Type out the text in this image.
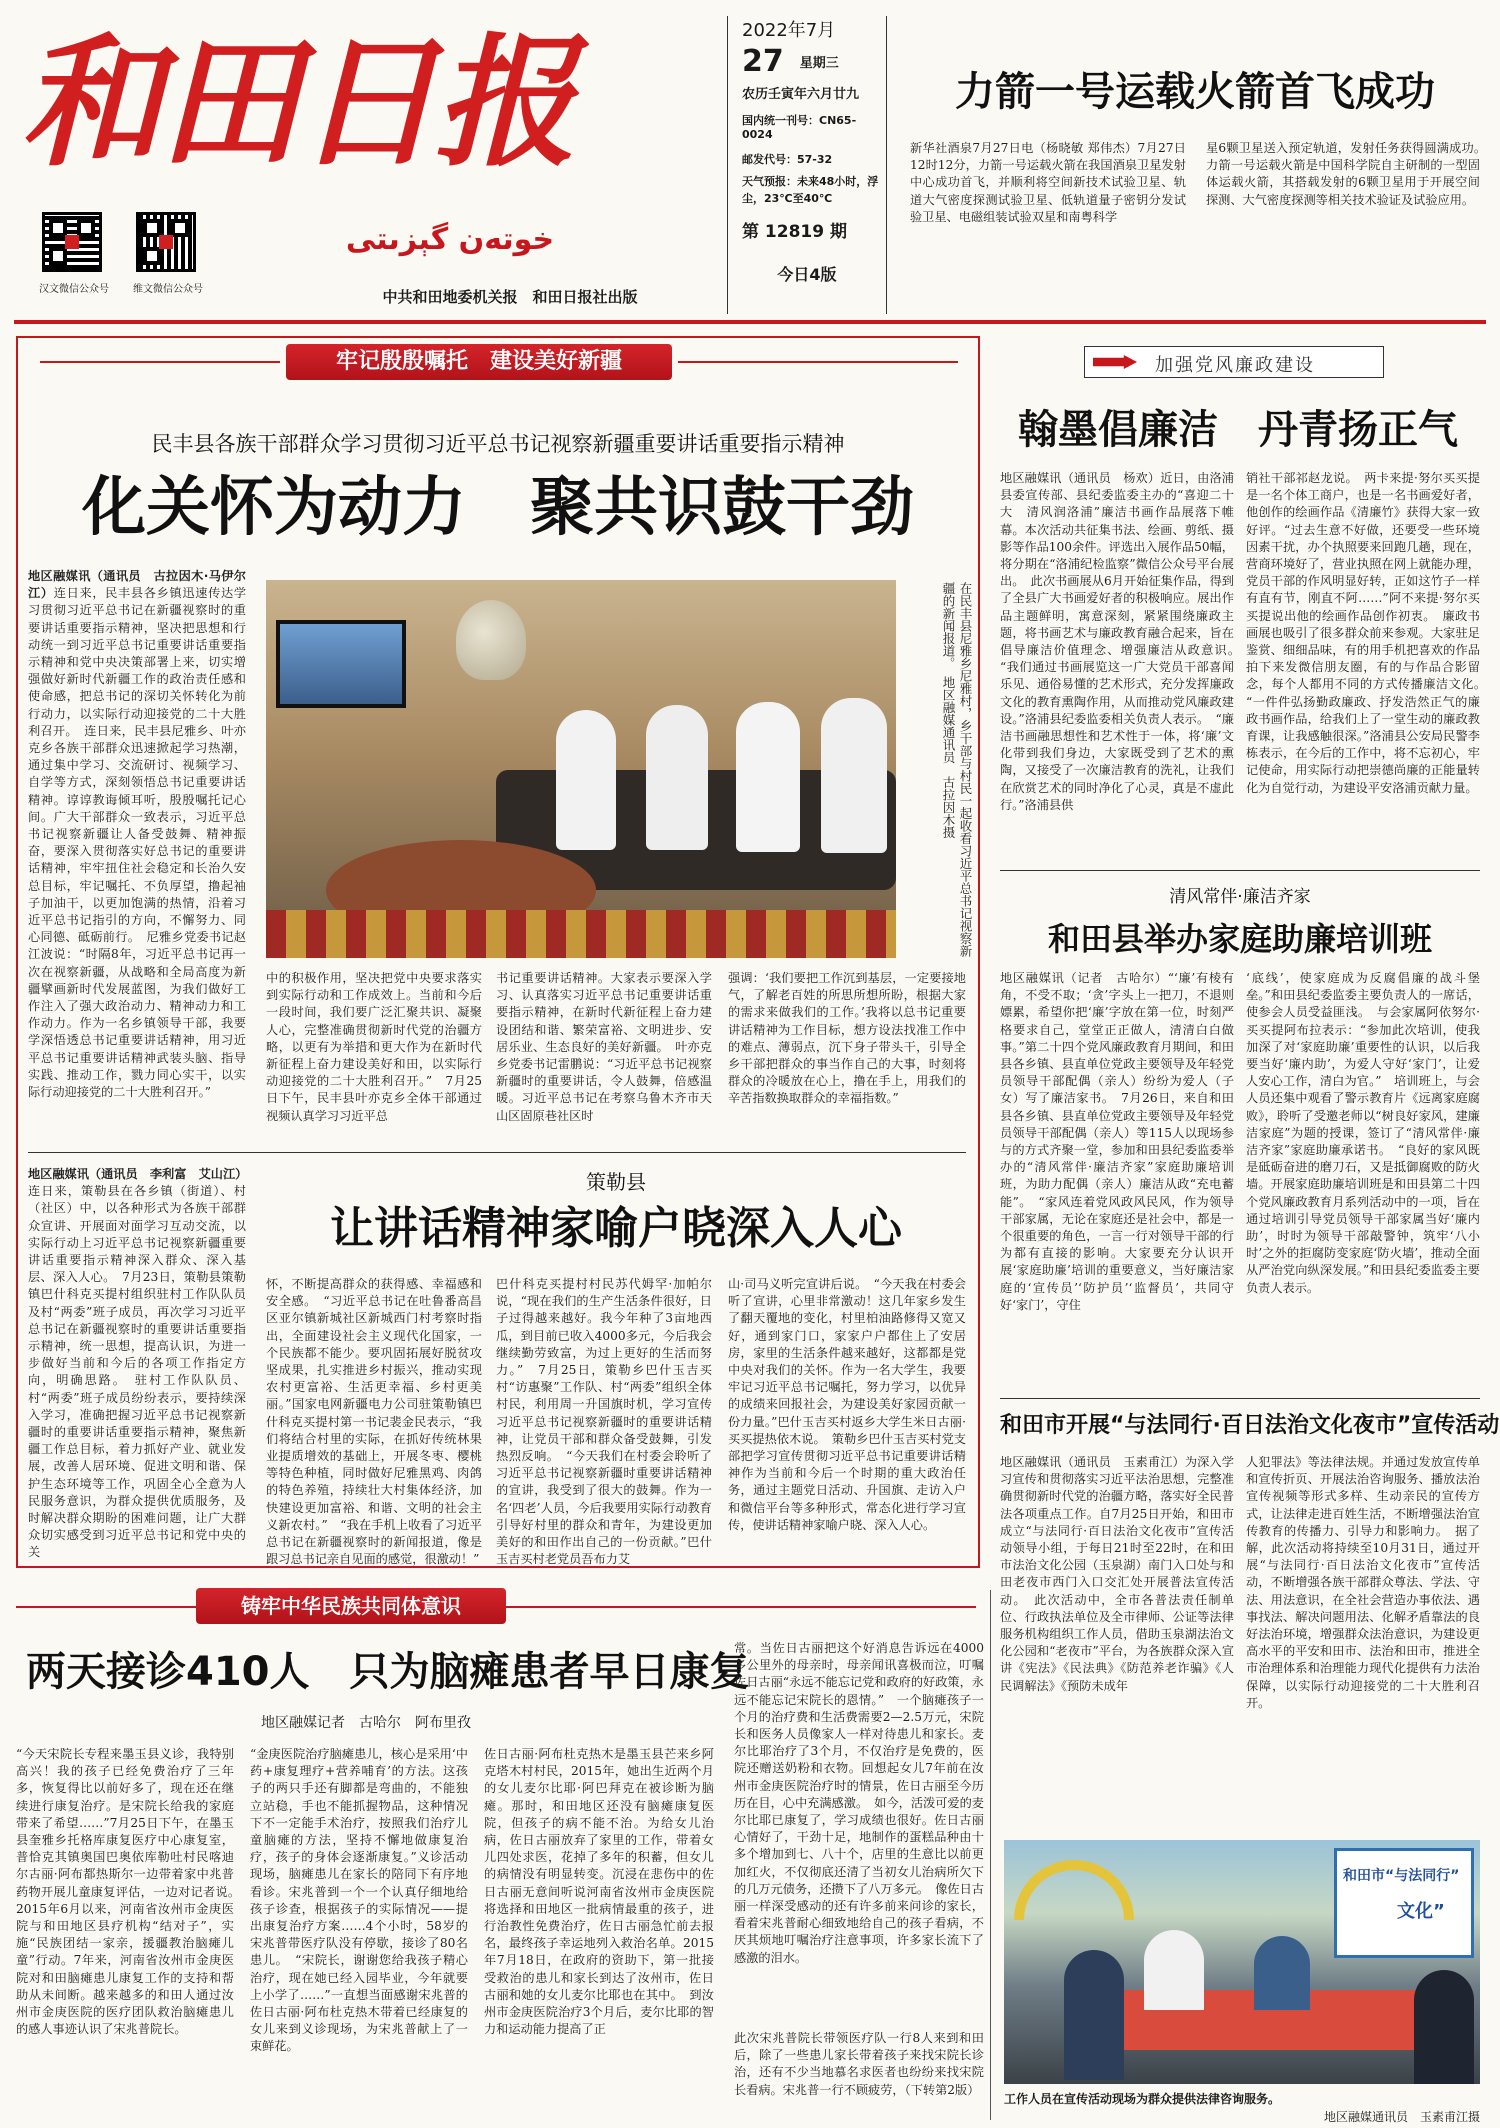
和田日报
汉文微信公众号	维文微信公众号
خوتەن گېزىتى
中共和田地委机关报　和田日报社出版
2022年7月
27 星期三
农历壬寅年六月廿九
国内统一刊号：CN65-0024
邮发代号：57-32
天气预报：未来48小时，浮尘，23℃至40℃
第 12819 期
今日4版
力箭一号运载火箭首飞成功
新华社酒泉7月27日电（杨晓敏 郑伟杰）7月27日12时12分，力箭一号运载火箭在我国酒泉卫星发射中心成功首飞，并顺利将空间新技术试验卫星、轨道大气密度探测试验卫星、低轨道量子密钥分发试验卫星、电磁组装试验双星和南粤科学
星6颗卫星送入预定轨道，发射任务获得圆满成功。　力箭一号运载火箭是中国科学院自主研制的一型固体运载火箭，其搭载发射的6颗卫星用于开展空间探测、大气密度探测等相关技术验证及试验应用。
牢记殷殷嘱托　建设美好新疆
民丰县各族干部群众学习贯彻习近平总书记视察新疆重要讲话重要指示精神
化关怀为动力　聚共识鼓干劲
地区融媒讯（通讯员　古拉因木·马伊尔江）连日来，民丰县各乡镇迅速传达学习贯彻习近平总书记在新疆视察时的重要讲话重要指示精神，坚决把思想和行动统一到习近平总书记重要讲话重要指示精神和党中央决策部署上来，切实增强做好新时代新疆工作的政治责任感和使命感，把总书记的深切关怀转化为前行动力，以实际行动迎接党的二十大胜利召开。　连日来，民丰县尼雅乡、叶亦克乡各族干部群众迅速掀起学习热潮，通过集中学习、交流研讨、视频学习、自学等方式，深刻领悟总书记重要讲话精神。谆谆教诲倾耳听，殷殷嘱托记心间。广大干部群众一致表示，习近平总书记视察新疆让人备受鼓舞、精神振奋，要深入贯彻落实好总书记的重要讲话精神，牢牢扭住社会稳定和长治久安总目标，牢记嘱托、不负厚望，撸起袖子加油干，以更加饱满的热情，沿着习近平总书记指引的方向，不懈努力、同心同德、砥砺前行。　尼雅乡党委书记赵江波说：“时隔8年，习近平总书记再一次在视察新疆，从战略和全局高度为新疆擘画新时代发展蓝图，为我们做好工作注入了强大政治动力、精神动力和工作动力。作为一名乡镇领导干部，我要学深悟透总书记重要讲话精神，用习近平总书记重要讲话精神武装头脑、指导实践、推动工作，戮力同心实干，以实际行动迎接党的二十大胜利召开。”
在民丰县尼雅乡尼雅村，乡干部与村民一起收看习近平总书记视察新疆的新闻报道。　地区融媒通讯员　古拉因木摄
中的积极作用，坚决把党中央要求落实到实际行动和工作成效上。当前和今后一段时间，我们要广泛汇聚共识、凝聚人心，完整准确贯彻新时代党的治疆方略，以更有为举措和更大作为在新时代新征程上奋力建设美好和田，以实际行动迎接党的二十大胜利召开。”　7月25日下午，民丰县叶亦克乡全体干部通过视频认真学习习近平总
书记重要讲话精神。大家表示要深入学习、认真落实习近平总书记重要讲话重要指示精神，在新时代新征程上奋力建设团结和谐、繁荣富裕、文明进步、安居乐业、生态良好的美好新疆。　叶亦克乡党委书记雷鹏说：“习近平总书记视察新疆时的重要讲话，令人鼓舞，倍感温暖。习近平总书记在考察乌鲁木齐市天山区固原巷社区时
强调：‘我们要把工作沉到基层，一定要接地气，了解老百姓的所思所想所盼，根据大家的需求来做我们的工作。’我将以总书记重要讲话精神为工作目标，想方设法找准工作中的难点、薄弱点，沉下身子带头干，引导全乡干部把群众的事当作自己的大事，时刻将群众的冷暖放在心上，撸在手上，用我们的辛苦指数换取群众的幸福指数。”
策勒县
让讲话精神家喻户晓深入人心
地区融媒讯（通讯员　李利富　艾山江）连日来，策勒县在各乡镇（街道）、村（社区）中，以各种形式为各族干部群众宣讲、开展面对面学习互动交流，以实际行动上习近平总书记视察新疆重要讲话重要指示精神深入群众、深入基层、深入人心。　7月23日，策勒县策勒镇巴什科克买提村组织驻村工作队队员及村“两委”班子成员，再次学习习近平总书记在新疆视察时的重要讲话重要指示精神，统一思想，提高认识，为进一步做好当前和今后的各项工作指定方向，明确思路。　驻村工作队队员、村“两委”班子成员纷纷表示，要持续深入学习，准确把握习近平总书记视察新疆时的重要讲话重要指示精神，聚焦新疆工作总目标，着力抓好产业、就业发展，改善人居环境、促进文明和谐、保护生态环境等工作，巩固全心全意为人民服务意识，为群众提供优质服务，及时解决群众期盼的困难问题，让广大群众切实感受到习近平总书记和党中央的关
怀，不断提高群众的获得感、幸福感和安全感。　“习近平总书记在吐鲁番高昌区亚尔镇新城社区新城西门村考察时指出，全面建设社会主义现代化国家，一个民族都不能少。要巩固拓展好脱贫攻坚成果，扎实推进乡村振兴，推动实现农村更富裕、生活更幸福、乡村更美丽。”国家电网新疆电力公司驻策勒镇巴什科克买提村第一书记裴金民表示，“我们将结合村里的实际，在抓好传统林果业提质增效的基础上，开展冬枣、樱桃等特色种植，同时做好尼雅黑鸡、肉鸽的特色养殖，持续壮大村集体经济，加快建设更加富裕、和谐、文明的社会主义新农村。”　“我在手机上收看了习近平总书记在新疆视察时的新闻报道，像是跟习总书记亲自见面的感觉，很激动！”
巴什科克买提村村民苏代姆罕·加帕尔说，“现在我们的生产生活条件很好，日子过得越来越好。我今年种了3亩地西瓜，到目前已收入4000多元，今后我会继续勤劳致富，为过上更好的生活而努力。”　7月25日，策勒乡巴什玉吉买村“访惠聚”工作队、村“两委”组织全体村民，利用周一升国旗时机，学习宣传习近平总书记视察新疆时的重要讲话精神，让党员干部和群众备受鼓舞，引发热烈反响。　“今天我们在村委会聆听了习近平总书记视察新疆时重要讲话精神的宣讲，我受到了很大的鼓舞。作为一名‘四老’人员，今后我要用实际行动教育引导好村里的群众和青年，为建设更加美好的和田作出自己的一份贡献。”巴什玉吉买村老党员吾布力艾
山·司马义听完宣讲后说。　“今天我在村委会听了宣讲，心里非常激动！这几年家乡发生了翻天覆地的变化，村里柏油路修得又宽又好，通到家门口，家家户户都住上了安居房，家里的生活条件越来越好，这都都是党中央对我们的关怀。作为一名大学生，我要牢记习近平总书记嘱托，努力学习，以优异的成绩来回报社会，为建设美好家园贡献一份力量。”巴什玉吉买村返乡大学生米日古丽·买买提热依木说。　策勒乡巴什玉吉买村党支部把学习宣传贯彻习近平总书记重要讲话精神作为当前和今后一个时期的重大政治任务，通过主题党日活动、升国旗、走访入户和微信平台等多种形式，常态化进行学习宣传，使讲话精神家喻户晓、深入人心。
加强党风廉政建设
翰墨倡廉洁　丹青扬正气
地区融媒讯（通讯员　杨欢）近日，由洛浦县委宣传部、县纪委监委主办的“喜迎二十大　清风润洛浦”廉洁书画作品展落下帷幕。本次活动共征集书法、绘画、剪纸、摄影等作品100余件。评选出入展作品50幅，将分期在“洛浦纪检监察”微信公众号平台展出。　此次书画展从6月开始征集作品，得到了全县广大书画爱好者的积极响应。展出作品主题鲜明，寓意深刻，紧紧围绕廉政主题，将书画艺术与廉政教育融合起来，旨在倡导廉洁价值理念、增强廉洁从政意识。　“我们通过书画展览这一广大党员干部喜闻乐见、通俗易懂的艺术形式，充分发挥廉政文化的教育熏陶作用，从而推动党风廉政建设。”洛浦县纪委监委相关负责人表示。　“廉洁书画融思想性和艺术性于一体，将‘廉’文化带到我们身边，大家既受到了艺术的熏陶，又接受了一次廉洁教育的洗礼，让我们在欣赏艺术的同时净化了心灵，真是不虚此行。”洛浦县供
销社干部祁赵龙说。　两卡来提·努尔买买提是一名个体工商户，也是一名书画爱好者，他创作的绘画作品《清廉竹》获得大家一致好评。“过去生意不好做，还要受一些环境因素干扰，办个执照要来回跑几趟，现在，营商环境好了，营业执照在网上就能办理，党员干部的作风明显好转，正如这竹子一样有直有节，刚直不阿……”阿不来提·努尔买买提说出他的绘画作品创作初衷。　廉政书画展也吸引了很多群众前来参观。大家驻足鉴赏、细细品味，有的用手机把喜欢的作品拍下来发微信朋友圈，有的与作品合影留念，每个人都用不同的方式传播廉洁文化。　“一件件弘扬勤政廉政、抒发浩然正气的廉政书画作品，给我们上了一堂生动的廉政教育课，让我感触很深。”洛浦县公安局民警李栋表示，在今后的工作中，将不忘初心，牢记使命，用实际行动把崇德尚廉的正能量转化为自觉行动，为建设平安洛浦贡献力量。
清风常伴·廉洁齐家
和田县举办家庭助廉培训班
地区融媒讯（记者　古哈尔）“‘廉’有棱有角，不受不取；‘贪’字头上一把刀，不退则嫖累，希望你把‘廉’字放在第一位，时刻严格要求自己，堂堂正正做人，清清白白做事。”第二十四个党风廉政教育月期间，和田县各乡镇、县直单位党政主要领导及年轻党员领导干部配偶（亲人）纷纷为爱人（子女）写了廉洁家书。　7月26日，来自和田县各乡镇、县直单位党政主要领导及年轻党员领导干部配偶（亲人）等115人以现场参与的方式齐聚一堂，参加和田县纪委监委举办的“清风常伴·廉洁齐家”家庭助廉培训班，为助力配偶（亲人）廉洁从政“充电蓄能”。　“家风连着党风政风民风，作为领导干部家属，无论在家庭还是社会中，都是一个很重要的角色，一言一行对领导干部的行为都有直接的影响。大家要充分认识开展‘家庭助廉’培训的重要意义，当好廉洁家庭的‘宣传员’‘防护员’‘监督员’，共同守好‘家门’，守住
‘底线’，使家庭成为反腐倡廉的战斗堡垒。”和田县纪委监委主要负责人的一席话，使参会人员受益匪浅。　与会家属阿依努尔·买买提阿布拉表示：“参加此次培训，使我加深了对‘家庭助廉’重要性的认识，以后我要当好‘廉内助’，为爱人守好‘家门’，让爱人安心工作，清白为官。”　培训班上，与会人员还集中观看了警示教育片《远离家庭腐败》，聆听了受邀老师以“树良好家风，建廉洁家庭”为题的授课，签订了“清风常伴·廉洁齐家”家庭助廉承诺书。　“良好的家风既是砥砺奋进的磨刀石，又是抵御腐败的防火墙。开展家庭助廉培训班是和田县第二十四个党风廉政教育月系列活动中的一项，旨在通过培训引导党员领导干部家属当好‘廉内助’，时时为领导干部敲警钟，筑牢‘八小时’之外的拒腐防变家庭‘防火墙’，推动全面从严治党向纵深发展。”和田县纪委监委主要负责人表示。
和田市开展“与法同行·百日法治文化夜市”宣传活动
地区融媒讯（通讯员　玉素甫江）为深入学习宣传和贯彻落实习近平法治思想，完整准确贯彻新时代党的治疆方略，落实好全民普法各项重点工作。自7月25日开始，和田市成立“与法同行·百日法治文化夜市”宣传活动领导小组，于每日21时至22时，在和田市法治文化公园（玉泉湖）南门入口处与和田老夜市西门入口交汇处开展普法宣传活动。　此次活动中，全市各普法责任制单位、行政执法单位及全市律师、公证等法律服务机构组织工作人员，借助玉泉湖法治文化公园和“老夜市”平台，为各族群众深入宣讲《宪法》《民法典》《防范养老诈骗》《人民调解法》《预防未成年
人犯罪法》等法律法规。并通过发放宣传单和宣传折页、开展法治咨询服务、播放法治宣传视频等形式多样、生动亲民的宣传方式，让法律走进百姓生活，不断增强法治宣传教育的传播力、引导力和影响力。　据了解，此次活动将持续至10月31日，通过开展“与法同行·百日法治文化夜市”宣传活动，不断增强各族干部群众尊法、学法、守法、用法意识，在全社会营造办事依法、遇事找法、解决问题用法、化解矛盾靠法的良好法治环境，增强群众法治意识，为建设更高水平的平安和田市、法治和田市，推进全市治理体系和治理能力现代化提供有力法治保障，以实际行动迎接党的二十大胜利召开。
和田市“与法同行”
文化”
工作人员在宣传活动现场为群众提供法律咨询服务。
地区融媒通讯员　玉素甫江摄
铸牢中华民族共同体意识
两天接诊410人　只为脑瘫患者早日康复
地区融媒记者　古哈尔　阿布里孜
“今天宋院长专程来墨玉县义诊，我特别高兴！我的孩子已经免费治疗了三年多，恢复得比以前好多了，现在还在继续进行康复治疗。是宋院长给我的家庭带来了希望……”7月25日下午，在墨玉县奎雅乡托格库康复医疗中心康复室，普恰克其镇奥国巴奥依库勒吐村民喀迪尔古丽·阿布都热斯尔一边带着家中兆普药物开展儿童康复评估，一边对记者说。　2015年6月以来，河南省汝州市金庚医院与和田地区县疗机构“结对子”，实施“民族团结一家亲，援疆教治脑瘫儿童”行动。7年来，河南省汝州市金庚医院对和田脑瘫患儿康复工作的支持和帮助从未间断。越来越多的和田人通过汝州市金庚医院的医疗团队救治脑瘫患儿的感人事迹认识了宋兆普院长。
“金庚医院治疗脑瘫患儿，核心是采用‘中药+康复理疗+营养哺育’的方法。这孩子的两只手还有脚都是弯曲的，不能独立站稳，手也不能抓握物品，这种情况下不一定能手术治疗，按照我们治疗儿童脑瘫的方法，坚持不懈地做康复治疗，孩子的身体会逐渐康复。”义诊活动现场，脑瘫患儿在家长的陪同下有序地看诊。宋兆普到一个一个认真仔细地给孩子诊查，根据孩子的实际情况——提出康复治疗方案……4个小时，58岁的宋兆普带医疗队没有停歇，接诊了80名患儿。　“宋院长，谢谢您给我孩子精心治疗，现在她已经入园毕业，今年就要上小学了……”一直想当面感谢宋兆普的佐日古丽·阿布杜克热木带着已经康复的女儿来到义诊现场，为宋兆普献上了一束鲜花。
佐日古丽·阿布杜克热木是墨玉县芒来乡阿克塔木村村民，2015年，她出生近两个月的女儿麦尔比耶·阿巴拜克在被诊断为脑瘫。那时，和田地区还没有脑瘫康复医院，但孩子的病不能不治。为给女儿治病，佐日古丽放弃了家里的工作，带着女儿四处求医，花掉了多年的积蓄，但女儿的病情没有明显转变。沉浸在悲伤中的佐日古丽无意间听说河南省汝州市金庚医院将选择和田地区一批病情最重的孩子，进行治教性免费治疗，佐日古丽急忙前去报名，最终孩子幸运地列入救治名单。2015年7月18日，在政府的资助下，第一批接受救治的患儿和家长到达了汝州市，佐日古丽和她的女儿麦尔比耶也在其中。　到汝州市金庚医院治疗3个月后，麦尔比耶的智力和运动能力提高了正
常。当佐日古丽把这个好消息告诉远在4000多公里外的母亲时，母亲闻讯喜极而泣，叮嘱佐日古丽“永远不能忘记党和政府的好政策，永远不能忘记宋院长的恩情。”　一个脑瘫孩子一个月的治疗费和生活费需要2—2.5万元，宋院长和医务人员像家人一样对待患儿和家长。麦尔比耶治疗了3个月，不仅治疗是免费的，医院还赠送奶粉和衣物。回想起女儿7年前在汝州市金庚医院治疗时的情景，佐日古丽至今历历在目，心中充满感激。　如今，活泼可爱的麦尔比耶已康复了，学习成绩也很好。佐日古丽心情好了，干劲十足，地制作的蛋糕品种由十多个增加到七、八十个，店里的生意比以前更加红火，不仅彻底还清了当初女儿治病所欠下的几万元债务，还攒下了八万多元。　像佐日古丽一样深受感动的还有许多前来问诊的家长，看着宋兆普耐心细致地给自己的孩子看病，不厌其烦地叮嘱治疗注意事项，许多家长流下了感激的泪水。
此次宋兆普院长带领医疗队一行8人来到和田后，除了一些患儿家长带着孩子来找宋院长诊治，还有不少当地慕名求医者也纷纷来找宋院长看病。宋兆普一行不顾疲劳，（下转第2版）
